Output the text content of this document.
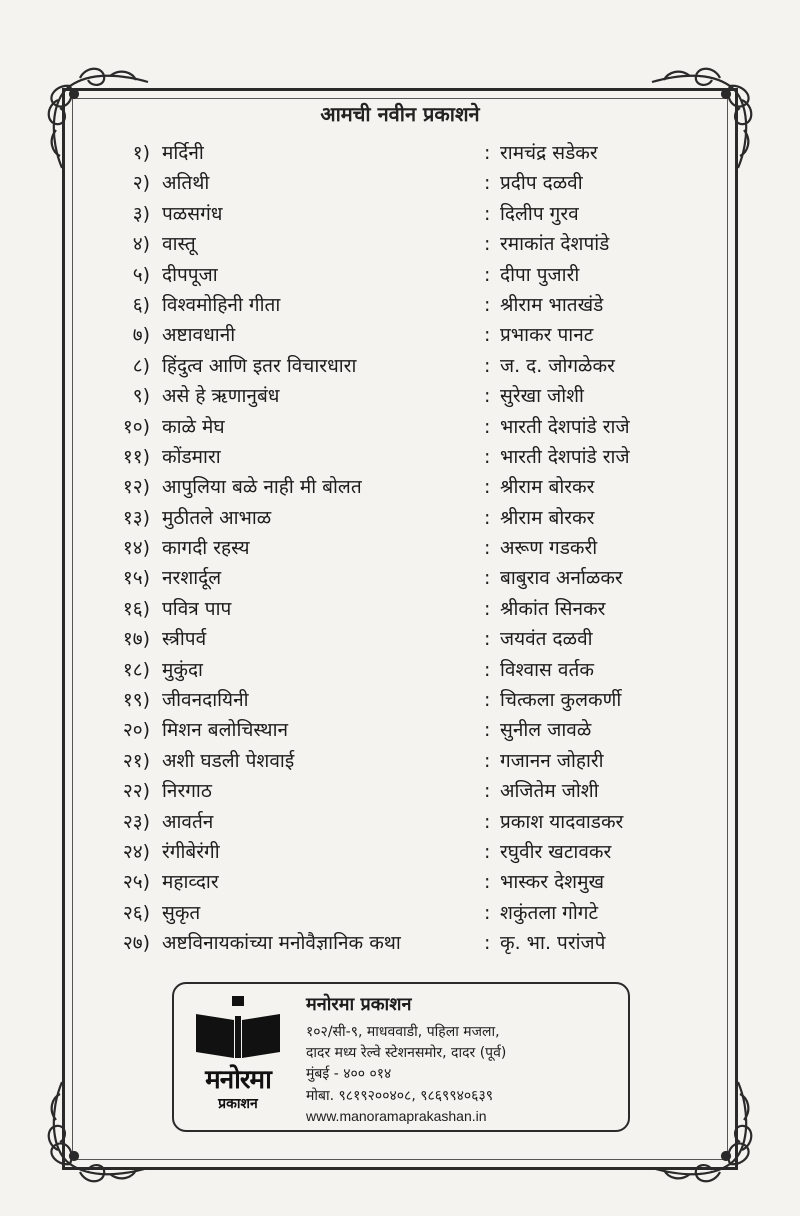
आमची नवीन प्रकाशने
१) मर्दिनी	: रामचंद्र सडेकर
२) अतिथी	: प्रदीप दळवी
३) पळसगंध	: दिलीप गुरव
४) वास्तू	: रमाकांत देशपांडे
५) दीपपूजा	: दीपा पुजारी
६) विश्वमोहिनी गीता	: श्रीराम भातखंडे
७) अष्टावधानी	: प्रभाकर पानट
८) हिंदुत्व आणि इतर विचारधारा	: ज. द. जोगळेकर
९) असे हे ऋणानुबंध	: सुरेखा जोशी
१०) काळे मेघ	: भारती देशपांडे राजे
११) कोंडमारा	: भारती देशपांडे राजे
१२) आपुलिया बळे नाही मी बोलत	: श्रीराम बोरकर
१३) मुठीतले आभाळ	: श्रीराम बोरकर
१४) कागदी रहस्य	: अरूण गडकरी
१५) नरशार्दूल	: बाबुराव अर्नाळकर
१६) पवित्र पाप	: श्रीकांत सिनकर
१७) स्त्रीपर्व	: जयवंत दळवी
१८) मुकुंदा	: विश्वास वर्तक
१९) जीवनदायिनी	: चित्कला कुलकर्णी
२०) मिशन बलोचिस्थान	: सुनील जावळे
२१) अशी घडली पेशवाई	: गजानन जोहारी
२२) निरगाठ	: अजितेम जोशी
२३) आवर्तन	: प्रकाश यादवाडकर
२४) रंगीबेरंगी	: रघुवीर खटावकर
२५) महाव्दार	: भास्कर देशमुख
२६) सुकृत	: शकुंतला गोगटे
२७) अष्टविनायकांच्या मनोवैज्ञानिक कथा	: कृ. भा. परांजपे
मनोरमा
प्रकाशन
मनोरमा प्रकाशन
१०२/सी-९, माधववाडी, पहिला मजला,
दादर मध्य रेल्वे स्टेशनसमोर, दादर (पूर्व)
मुंबई - ४०० ०१४
मोबा. ९८१९२००४०८, ९८६९९४०६३९
www.manoramaprakashan.in
